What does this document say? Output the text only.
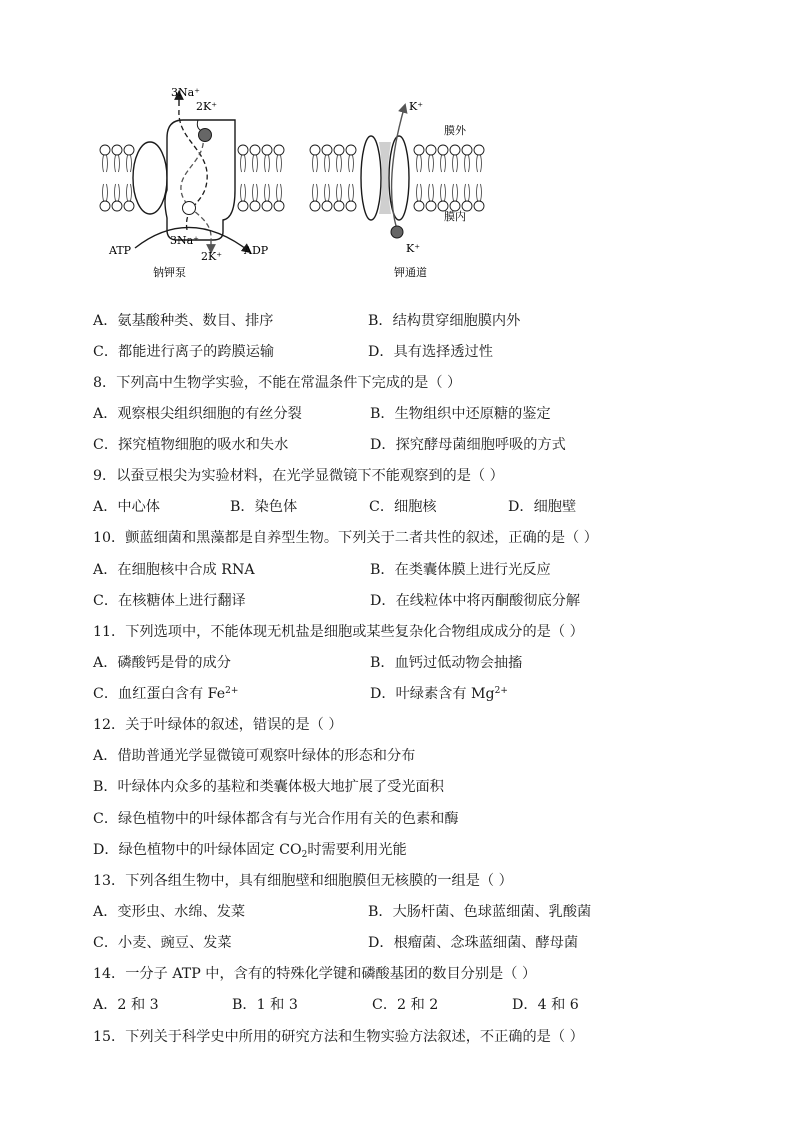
3Na⁺
2K⁺
3Na⁺
2K⁺
ATP	ADP
钠钾泵
K⁺
K⁺
膜外
膜内
钾通道
A．氨基酸种类、数目、排序	B．结构贯穿细胞膜内外
C．都能进行离子的跨膜运输	D．具有选择透过性
8．下列高中生物学实验，不能在常温条件下完成的是（ ）
A．观察根尖组织细胞的有丝分裂	B．生物组织中还原糖的鉴定
C．探究植物细胞的吸水和失水	D．探究酵母菌细胞呼吸的方式
9．以蚕豆根尖为实验材料，在光学显微镜下不能观察到的是（ ）
A．中心体	B．染色体	C．细胞核	D．细胞壁
10．颤蓝细菌和黑藻都是自养型生物。下列关于二者共性的叙述，正确的是（ ）
A．在细胞核中合成 RNA	B．在类囊体膜上进行光反应
C．在核糖体上进行翻译	D．在线粒体中将丙酮酸彻底分解
11．下列选项中，不能体现无机盐是细胞或某些复杂化合物组成成分的是（ ）
A．磷酸钙是骨的成分	B．血钙过低动物会抽搐
C．血红蛋白含有 $Fe^{2+}$	D．叶绿素含有 $Mg^{2+}$
12．关于叶绿体的叙述，错误的是（ ）
A．借助普通光学显微镜可观察叶绿体的形态和分布
B．叶绿体内众多的基粒和类囊体极大地扩展了受光面积
C．绿色植物中的叶绿体都含有与光合作用有关的色素和酶
D．绿色植物中的叶绿体固定 $CO_2$时需要利用光能
13．下列各组生物中，具有细胞壁和细胞膜但无核膜的一组是（ ）
A．变形虫、水绵、发菜	B．大肠杆菌、色球蓝细菌、乳酸菌
C．小麦、豌豆、发菜	D．根瘤菌、念珠蓝细菌、酵母菌
14．一分子 ATP 中，含有的特殊化学键和磷酸基团的数目分别是（ ）
A．2 和 3	B．1 和 3	C．2 和 2	D．4 和 6
15．下列关于科学史中所用的研究方法和生物实验方法叙述，不正确的是（ ）
